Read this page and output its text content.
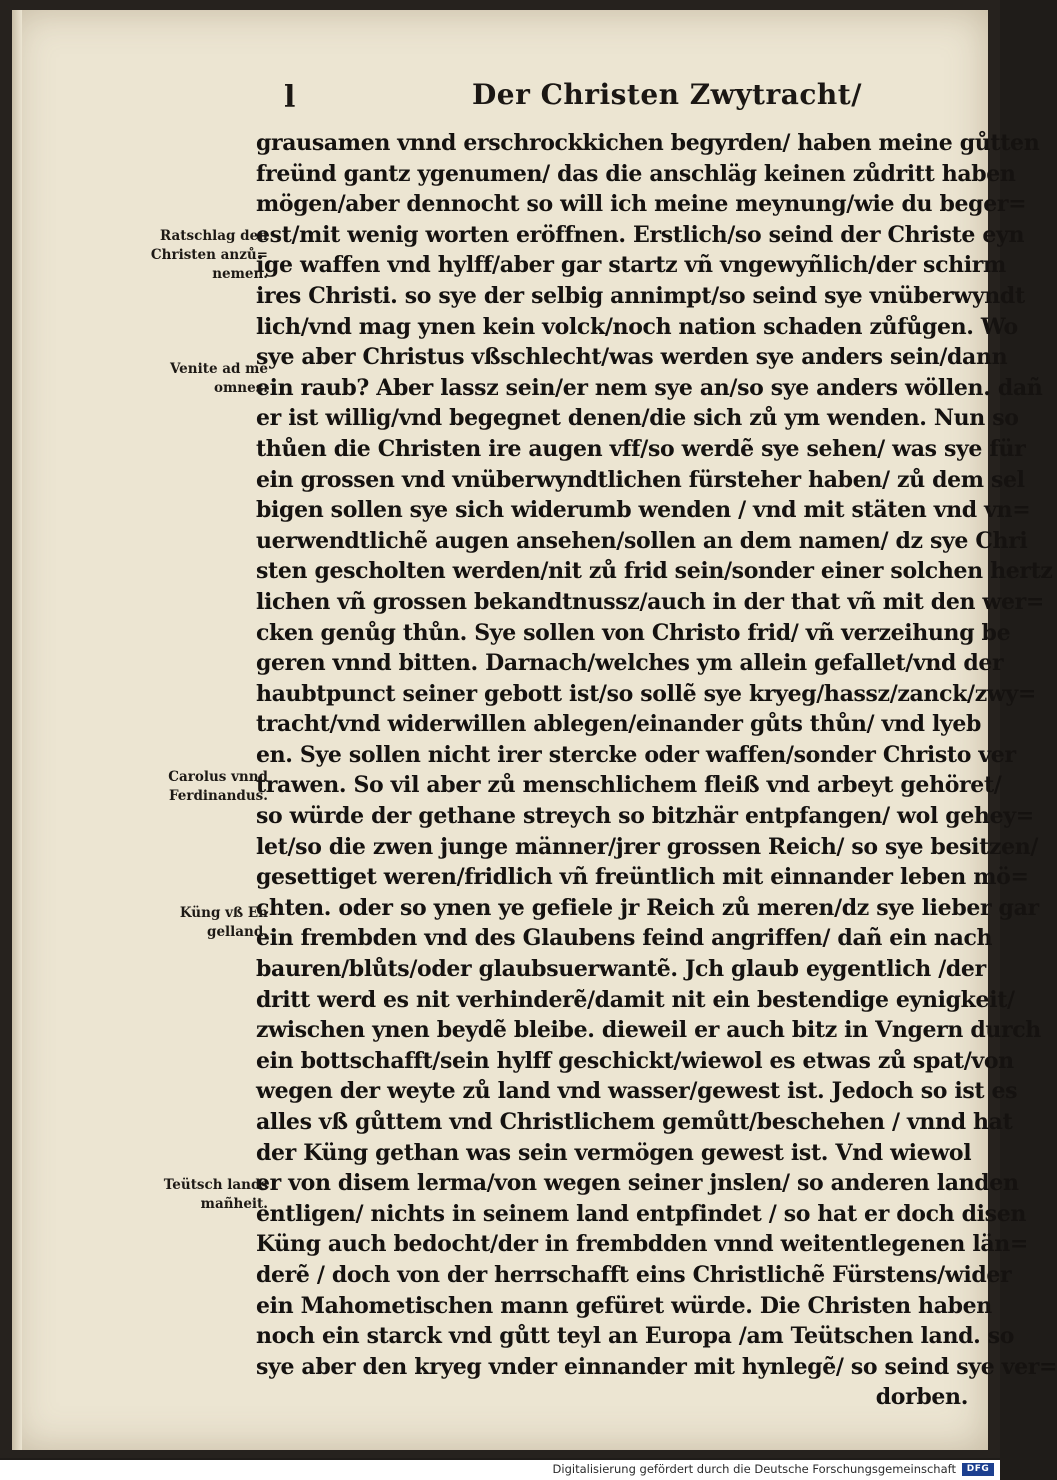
l	Der Christen Zwytracht/
grausamen vnnd erschrockkichen begyrden/ haben meine gůtten
freünd gantz ygenumen/ das die anschläg keinen zůdritt haben
mögen/aber dennocht so will ich meine meynung/wie du beger=
est/mit wenig worten eröffnen. Erstlich/so seind der Christe eyn
ige waffen vnd hylff/aber gar startz vñ vngewyñlich/der schirm
ires Christi. so sye der selbig annimpt/so seind sye vnüberwyndt
lich/vnd mag ynen kein volck/noch nation schaden zůfůgen. Wo
sye aber Christus vßschlecht/was werden sye anders sein/dann
ein raub? Aber lassz sein/er nem sye an/so sye anders wöllen. dañ
er ist willig/vnd begegnet denen/die sich zů ym wenden. Nun so
thůen die Christen ire augen vff/so werdẽ sye sehen/ was sye für
ein grossen vnd vnüberwyndtlichen fürsteher haben/ zů dem sel
bigen sollen sye sich widerumb wenden / vnd mit stäten vnd vn=
uerwendtlichẽ augen ansehen/sollen an dem namen/ dz sye Chri
sten gescholten werden/nit zů frid sein/sonder einer solchen hertz
lichen vñ grossen bekandtnussz/auch in der that vñ mit den wer=
cken genůg thůn. Sye sollen von Christo frid/ vñ verzeihung be
geren vnnd bitten. Darnach/welches ym allein gefallet/vnd der
haubtpunct seiner gebott ist/so sollẽ sye kryeg/hassz/zanck/zwy=
tracht/vnd widerwillen ablegen/einander gůts thůn/ vnd lyeb
en. Sye sollen nicht irer stercke oder waffen/sonder Christo ver
trawen. So vil aber zů menschlichem fleiß vnd arbeyt gehöret/
so würde der gethane streych so bitzhär entpfangen/ wol gehey=
let/so die zwen junge männer/jrer grossen Reich/ so sye besitzen/
gesettiget weren/fridlich vñ freüntlich mit einnander leben mö=
chten. oder so ynen ye gefiele jr Reich zů meren/dz sye lieber gar
ein frembden vnd des Glaubens feind angriffen/ dañ ein nach
bauren/blůts/oder glaubsuerwantẽ. Jch glaub eygentlich /der
dritt werd es nit verhinderẽ/damit nit ein bestendige eynigkeit/
zwischen ynen beydẽ bleibe. dieweil er auch bitz in Vngern durch
ein bottschafft/sein hylff geschickt/wiewol es etwas zů spat/von
wegen der weyte zů land vnd wasser/gewest ist. Jedoch so ist es
alles vß gůttem vnd Christlichem gemůtt/beschehen / vnnd hat
der Küng gethan was sein vermögen gewest ist. Vnd wiewol
er von disem lerma/von wegen seiner jnslen/ so anderen landen
entligen/ nichts in seinem land entpfindet / so hat er doch disen
Küng auch bedocht/der in frembdden vnnd weitentlegenen län=
derẽ / doch von der herrschafft eins Christlichẽ Fürstens/wider
ein Mahometischen mann gefüret würde. Die Christen haben
noch ein starck vnd gůtt teyl an Europa /am Teütschen land. so
sye aber den kryeg vnder einnander mit hynlegẽ/ so seind sye ver=
dorben.
Ratschlag den
Christen anzů=
nemen.
Venite ad me
omnes.
Carolus vnnd
Ferdinandus.
Küng vß En
gelland.
Teütsch lands
mañheit.
Digitalisierung gefördert durch die Deutsche Forschungsgemeinschaft	DFG
